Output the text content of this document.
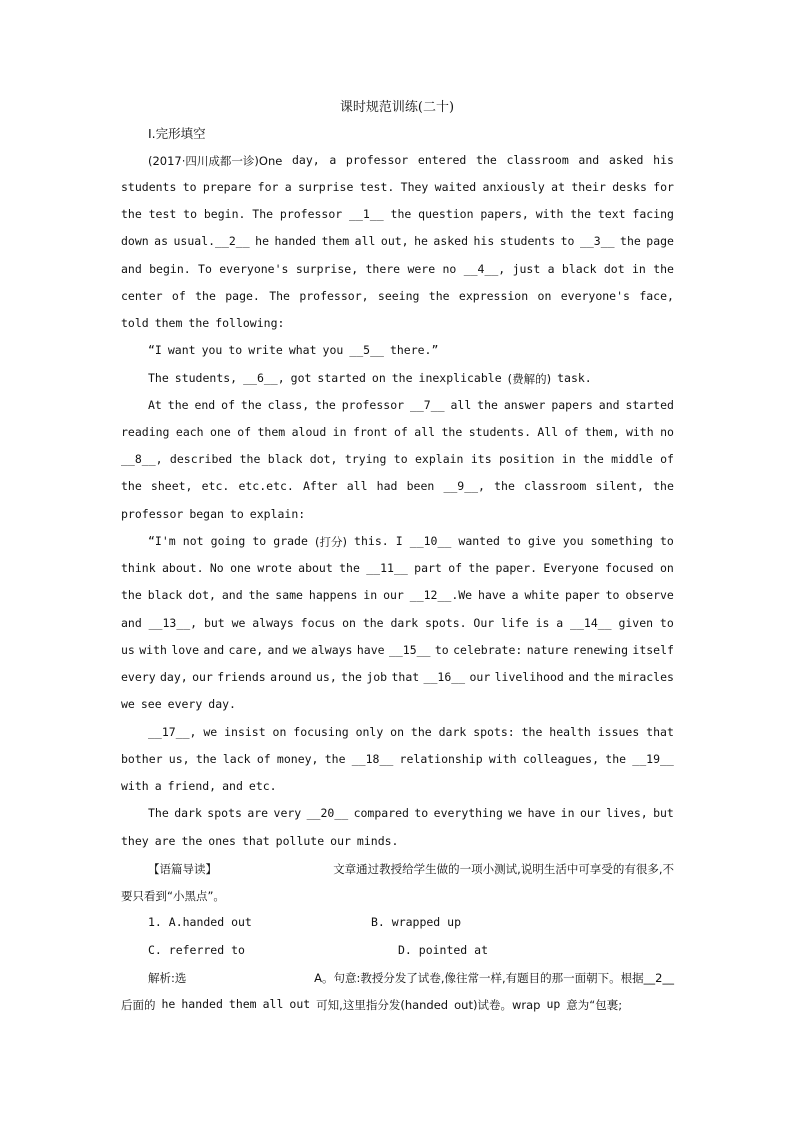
课时规范训练(二十)
Ⅰ.完形填空
(2017·四川成都一诊)One day, a professor entered the classroom and asked his
students to prepare for a surprise test. They waited anxiously at their desks for
the test to begin. The professor __1__ the question papers, with the text facing
down as usual.__2__ he handed them all out, he asked his students to __3__ the page
and begin. To everyone's surprise, there were no __4__, just a black dot in the
center of the page. The professor, seeing the expression on everyone's face,
told them the following:
“I want you to write what you __5__ there.”
The students, __6__, got started on the inexplicable (费解的) task.
At the end of the class, the professor __7__ all the answer papers and started
reading each one of them aloud in front of all the students. All of them, with no
__8__, described the black dot, trying to explain its position in the middle of
the sheet, etc. etc.etc. After all had been __9__, the classroom silent, the
professor began to explain:
“I'm not going to grade (打分) this. I __10__ wanted to give you something to
think about. No one wrote about the __11__ part of the paper. Everyone focused on
the black dot, and the same happens in our __12__.We have a white paper to observe
and __13__, but we always focus on the dark spots. Our life is a __14__ given to
us with love and care, and we always have __15__ to celebrate: nature renewing itself
every day, our friends around us, the job that __16__ our livelihood and the miracles
we see every day.
__17__, we insist on focusing only on the dark spots: the health issues that
bother us, the lack of money, the __18__ relationship with colleagues, the __19__
with a friend, and etc.
The dark spots are very __20__ compared to everything we have in our lives, but
they are the ones that pollute our minds.
【语篇导读】	文章通过教授给学生做的一项小测试,说明生活中可享受的有很多,不
要只看到“小黑点”。
解析:选	A。句意:教授分发了试卷,像往常一样,有题目的那一面朝下。根据__2__
后面的 he handed them all out 可知,这里指分发(handed out)试卷。wrap up 意为“包裹;
1. A.handed out	B. wrapped up
C. referred to	D. pointed at
